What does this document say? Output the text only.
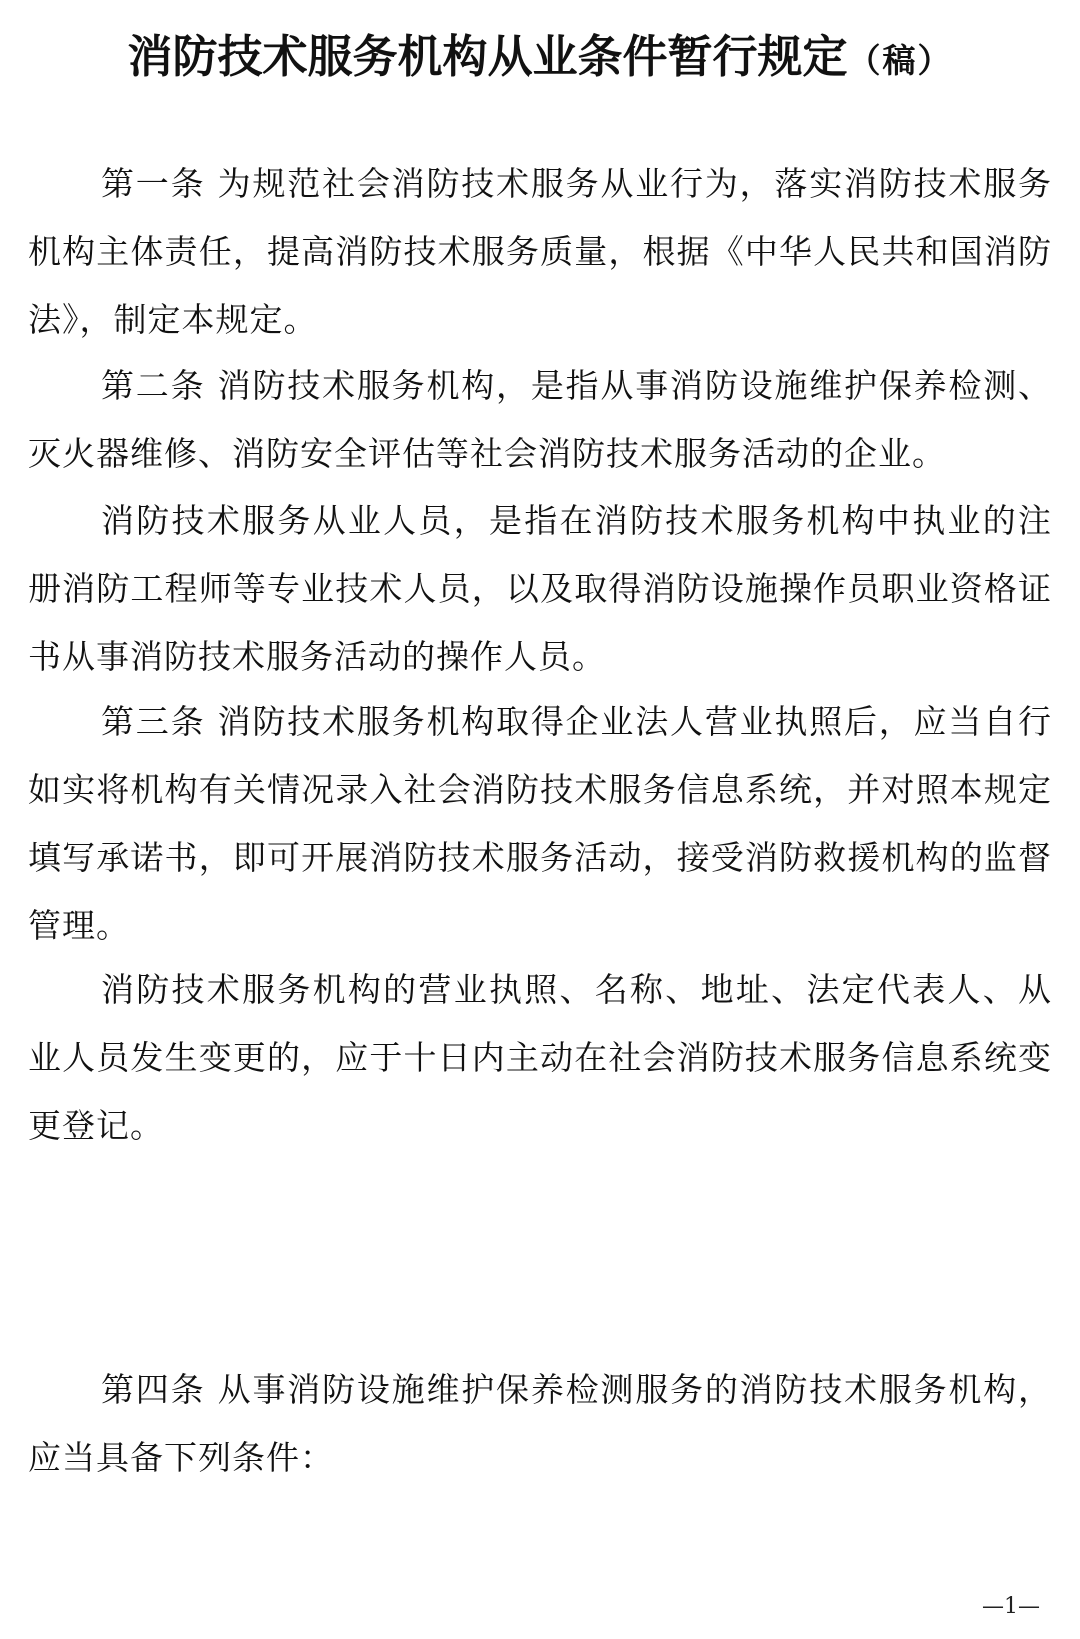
消防技术服务机构从业条件暂行规定（稿）

第一条 为规范社会消防技术服务从业行为，落实消防技术服务机构主体责任，提高消防技术服务质量，根据《中华人民共和国消防法》，制定本规定。

第二条 消防技术服务机构，是指从事消防设施维护保养检测、灭火器维修、消防安全评估等社会消防技术服务活动的企业。

消防技术服务从业人员，是指在消防技术服务机构中执业的注册消防工程师等专业技术人员，以及取得消防设施操作员职业资格证书从事消防技术服务活动的操作人员。

第三条 消防技术服务机构取得企业法人营业执照后，应当自行如实将机构有关情况录入社会消防技术服务信息系统，并对照本规定填写承诺书，即可开展消防技术服务活动，接受消防救援机构的监督管理。

消防技术服务机构的营业执照、名称、地址、法定代表人、从业人员发生变更的，应于十日内主动在社会消防技术服务信息系统变更登记。

第四条 从事消防设施维护保养检测服务的消防技术服务机构，应当具备下列条件：

—1—
